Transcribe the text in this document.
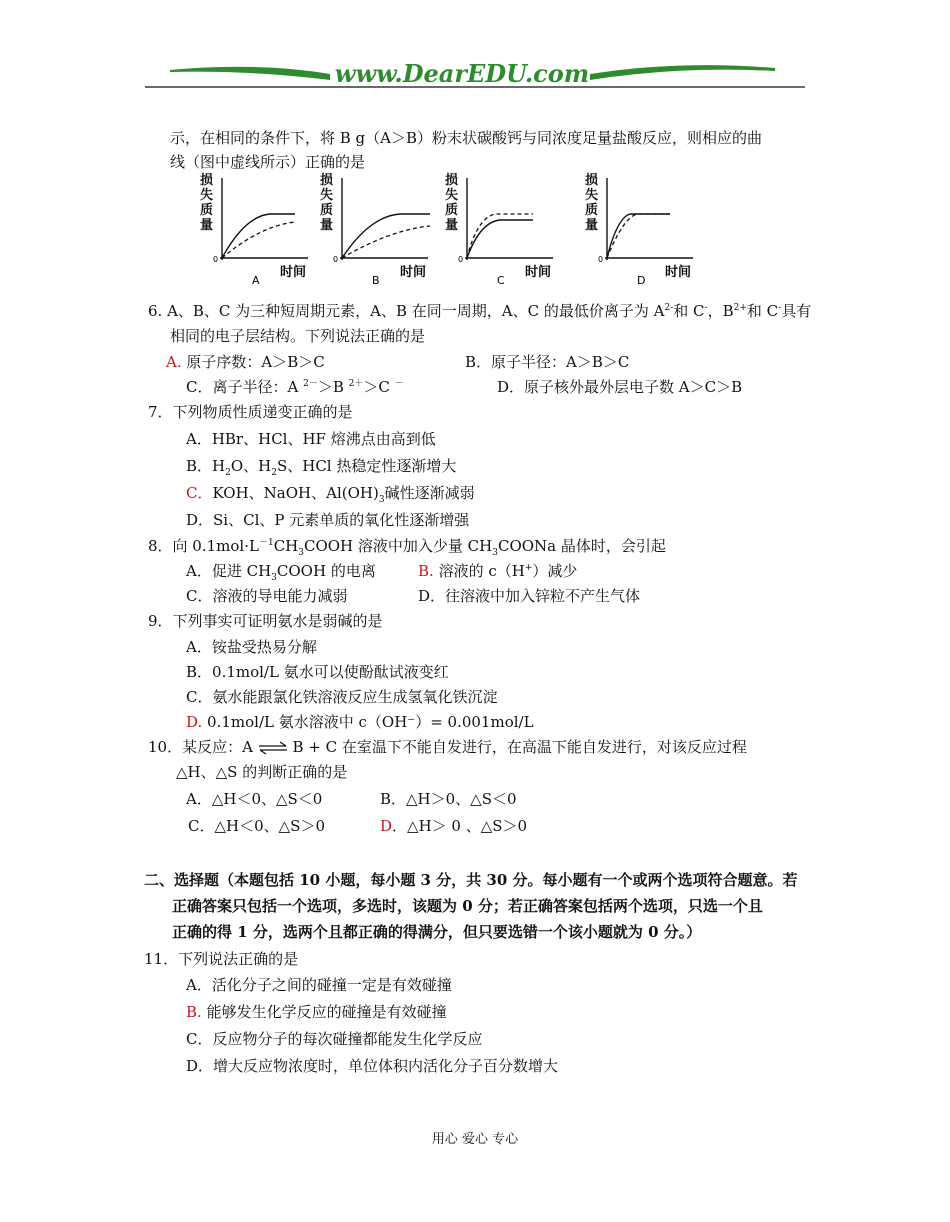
www.DearEDU.com
示，在相同的条件下，将 B g（A＞B）粉末状碳酸钙与同浓度足量盐酸反应，则相应的曲
线（图中虚线所示）正确的是
损
失
质
量
0
A
时间
损
失
质
量
0
B
时间
损
失
质
量
0
C
时间
损
失
质
量
0
D
时间
6. A、B、C 为三种短周期元素，A、B 在同一周期，A、C 的最低价离子为 $A^{2-}$和 C-，$B^{2+}$和 C-具有
相同的电子层结构。下列说法正确的是
A. 原子序数：A＞B＞C	B．原子半径：A＞B＞C
C．离子半径：A $^{2-}$＞B $^{2+}$＞C －	D．原子核外最外层电子数 A＞C＞B
7．下列物质性质递变正确的是
A．HBr、HCl、HF 熔沸点由高到低
B．$H_2O$、$H_2S$、HCl 热稳定性逐渐增大
C．KOH、NaOH、$Al(OH)_3$碱性逐渐减弱
D．Si、Cl、P 元素单质的氧化性逐渐增强
8．向 $0.1mol\cdot L^{-1}CH_3COOH$ 溶液中加入少量 $CH_3COONa$ 晶体时，会引起
A．促进 $CH_3COOH$ 的电离	B. 溶液的 c（H+）减少
C．溶液的导电能力减弱	D．往溶液中加入锌粒不产生气体
9．下列事实可证明氨水是弱碱的是
A．铵盐受热易分解
B．0.1mol/L 氨水可以使酚酞试液变红
C．氨水能跟氯化铁溶液反应生成氢氧化铁沉淀
D. 0.1mol/L 氨水溶液中 c（OH⁻）= 0.001mol/L
10．某反应：A ⇌ B + C 在室温下不能自发进行，在高温下能自发进行，对该反应过程
△H、△S 的判断正确的是
A．△H＜0、△S＜0	B．△H＞0、△S＜0
C．△H＜0、△S＞0	D．△H＞ 0 、△S＞0
二、选择题（本题包括 10 小题，每小题 3 分，共 30 分。每小题有一个或两个选项符合题意。若
正确答案只包括一个选项，多选时，该题为 0 分；若正确答案包括两个选项，只选一个且
正确的得 1 分，选两个且都正确的得满分，但只要选错一个该小题就为 0 分。）
11．下列说法正确的是
A．活化分子之间的碰撞一定是有效碰撞
B. 能够发生化学反应的碰撞是有效碰撞
C．反应物分子的每次碰撞都能发生化学反应
D．增大反应物浓度时，单位体积内活化分子百分数增大
用心 爱心 专心
